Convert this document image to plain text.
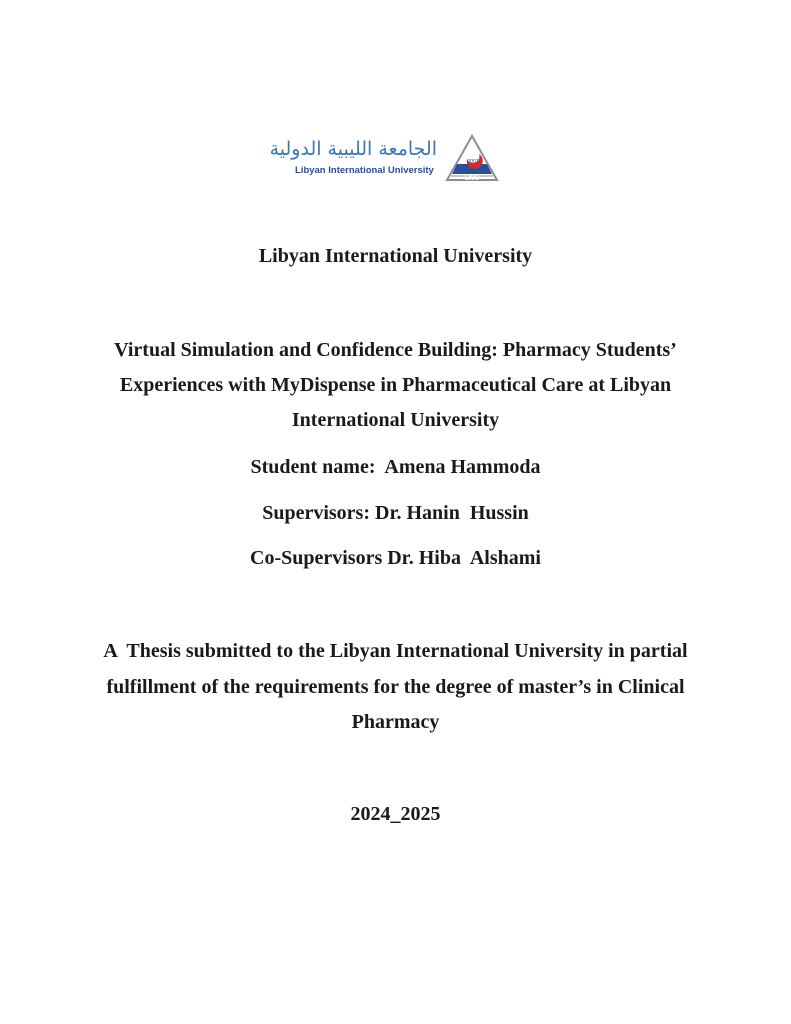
الجامعة الليبية الدولية
Libyan International University
2007
LIMU
Libyan International University
Virtual Simulation and Confidence Building: Pharmacy Students’
Experiences with MyDispense in Pharmaceutical Care at Libyan
International University
Student name:  Amena Hammoda
Supervisors: Dr. Hanin  Hussin
Co-Supervisors Dr. Hiba  Alshami
A  Thesis submitted to the Libyan International University in partial
fulfillment of the requirements for the degree of master’s in Clinical
Pharmacy
2024_2025
